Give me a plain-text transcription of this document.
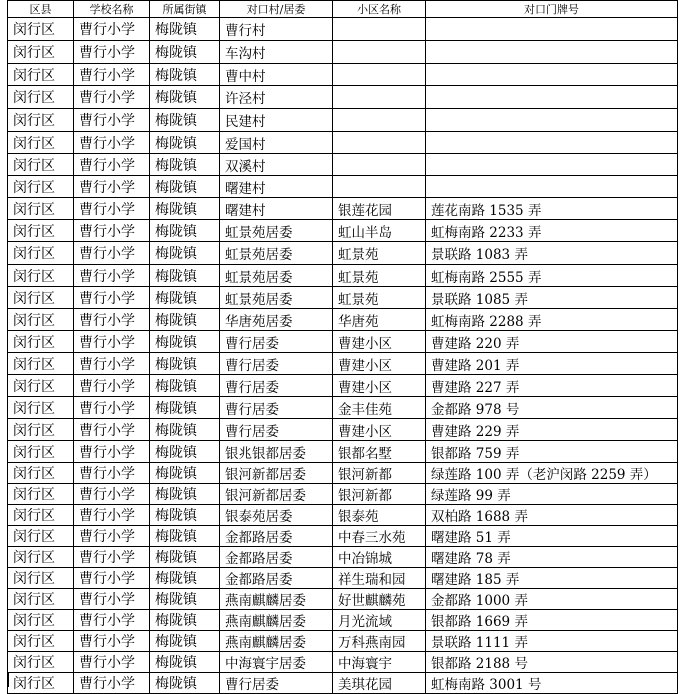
区县	学校名称	所属街镇	对口村/居委	小区名称	对口门牌号
闵行区	曹行小学	梅陇镇	曹行村		
闵行区	曹行小学	梅陇镇	车沟村		
闵行区	曹行小学	梅陇镇	曹中村		
闵行区	曹行小学	梅陇镇	许泾村		
闵行区	曹行小学	梅陇镇	民建村		
闵行区	曹行小学	梅陇镇	爱国村		
闵行区	曹行小学	梅陇镇	双溪村		
闵行区	曹行小学	梅陇镇	曙建村		
闵行区	曹行小学	梅陇镇	曙建村	银莲花园	莲花南路 1535 弄
闵行区	曹行小学	梅陇镇	虹景苑居委	虹山半岛	虹梅南路 2233 弄
闵行区	曹行小学	梅陇镇	虹景苑居委	虹景苑	景联路 1083 弄
闵行区	曹行小学	梅陇镇	虹景苑居委	虹景苑	虹梅南路 2555 弄
闵行区	曹行小学	梅陇镇	虹景苑居委	虹景苑	景联路 1085 弄
闵行区	曹行小学	梅陇镇	华唐苑居委	华唐苑	虹梅南路 2288 弄
闵行区	曹行小学	梅陇镇	曹行居委	曹建小区	曹建路 220 弄
闵行区	曹行小学	梅陇镇	曹行居委	曹建小区	曹建路 201 弄
闵行区	曹行小学	梅陇镇	曹行居委	曹建小区	曹建路 227 弄
闵行区	曹行小学	梅陇镇	曹行居委	金丰佳苑	金都路 978 号
闵行区	曹行小学	梅陇镇	曹行居委	曹建小区	曹建路 229 弄
闵行区	曹行小学	梅陇镇	银兆银都居委	银都名墅	银都路 759 弄
闵行区	曹行小学	梅陇镇	银河新都居委	银河新都	绿莲路 100 弄（老沪闵路 2259 弄）
闵行区	曹行小学	梅陇镇	银河新都居委	银河新都	绿莲路 99 弄
闵行区	曹行小学	梅陇镇	银泰苑居委	银泰苑	双柏路 1688 弄
闵行区	曹行小学	梅陇镇	金都路居委	中春三水苑	曙建路 51 弄
闵行区	曹行小学	梅陇镇	金都路居委	中冶锦城	曙建路 78 弄
闵行区	曹行小学	梅陇镇	金都路居委	祥生瑞和园	曙建路 185 弄
闵行区	曹行小学	梅陇镇	燕南麒麟居委	好世麒麟苑	金都路 1000 弄
闵行区	曹行小学	梅陇镇	燕南麒麟居委	月光流域	银都路 1669 弄
闵行区	曹行小学	梅陇镇	燕南麒麟居委	万科燕南园	景联路 1111 弄
闵行区	曹行小学	梅陇镇	中海寰宇居委	中海寰宇	银都路 2188 号
闵行区	曹行小学	梅陇镇	曹行居委	美琪花园	虹梅南路 3001 号
